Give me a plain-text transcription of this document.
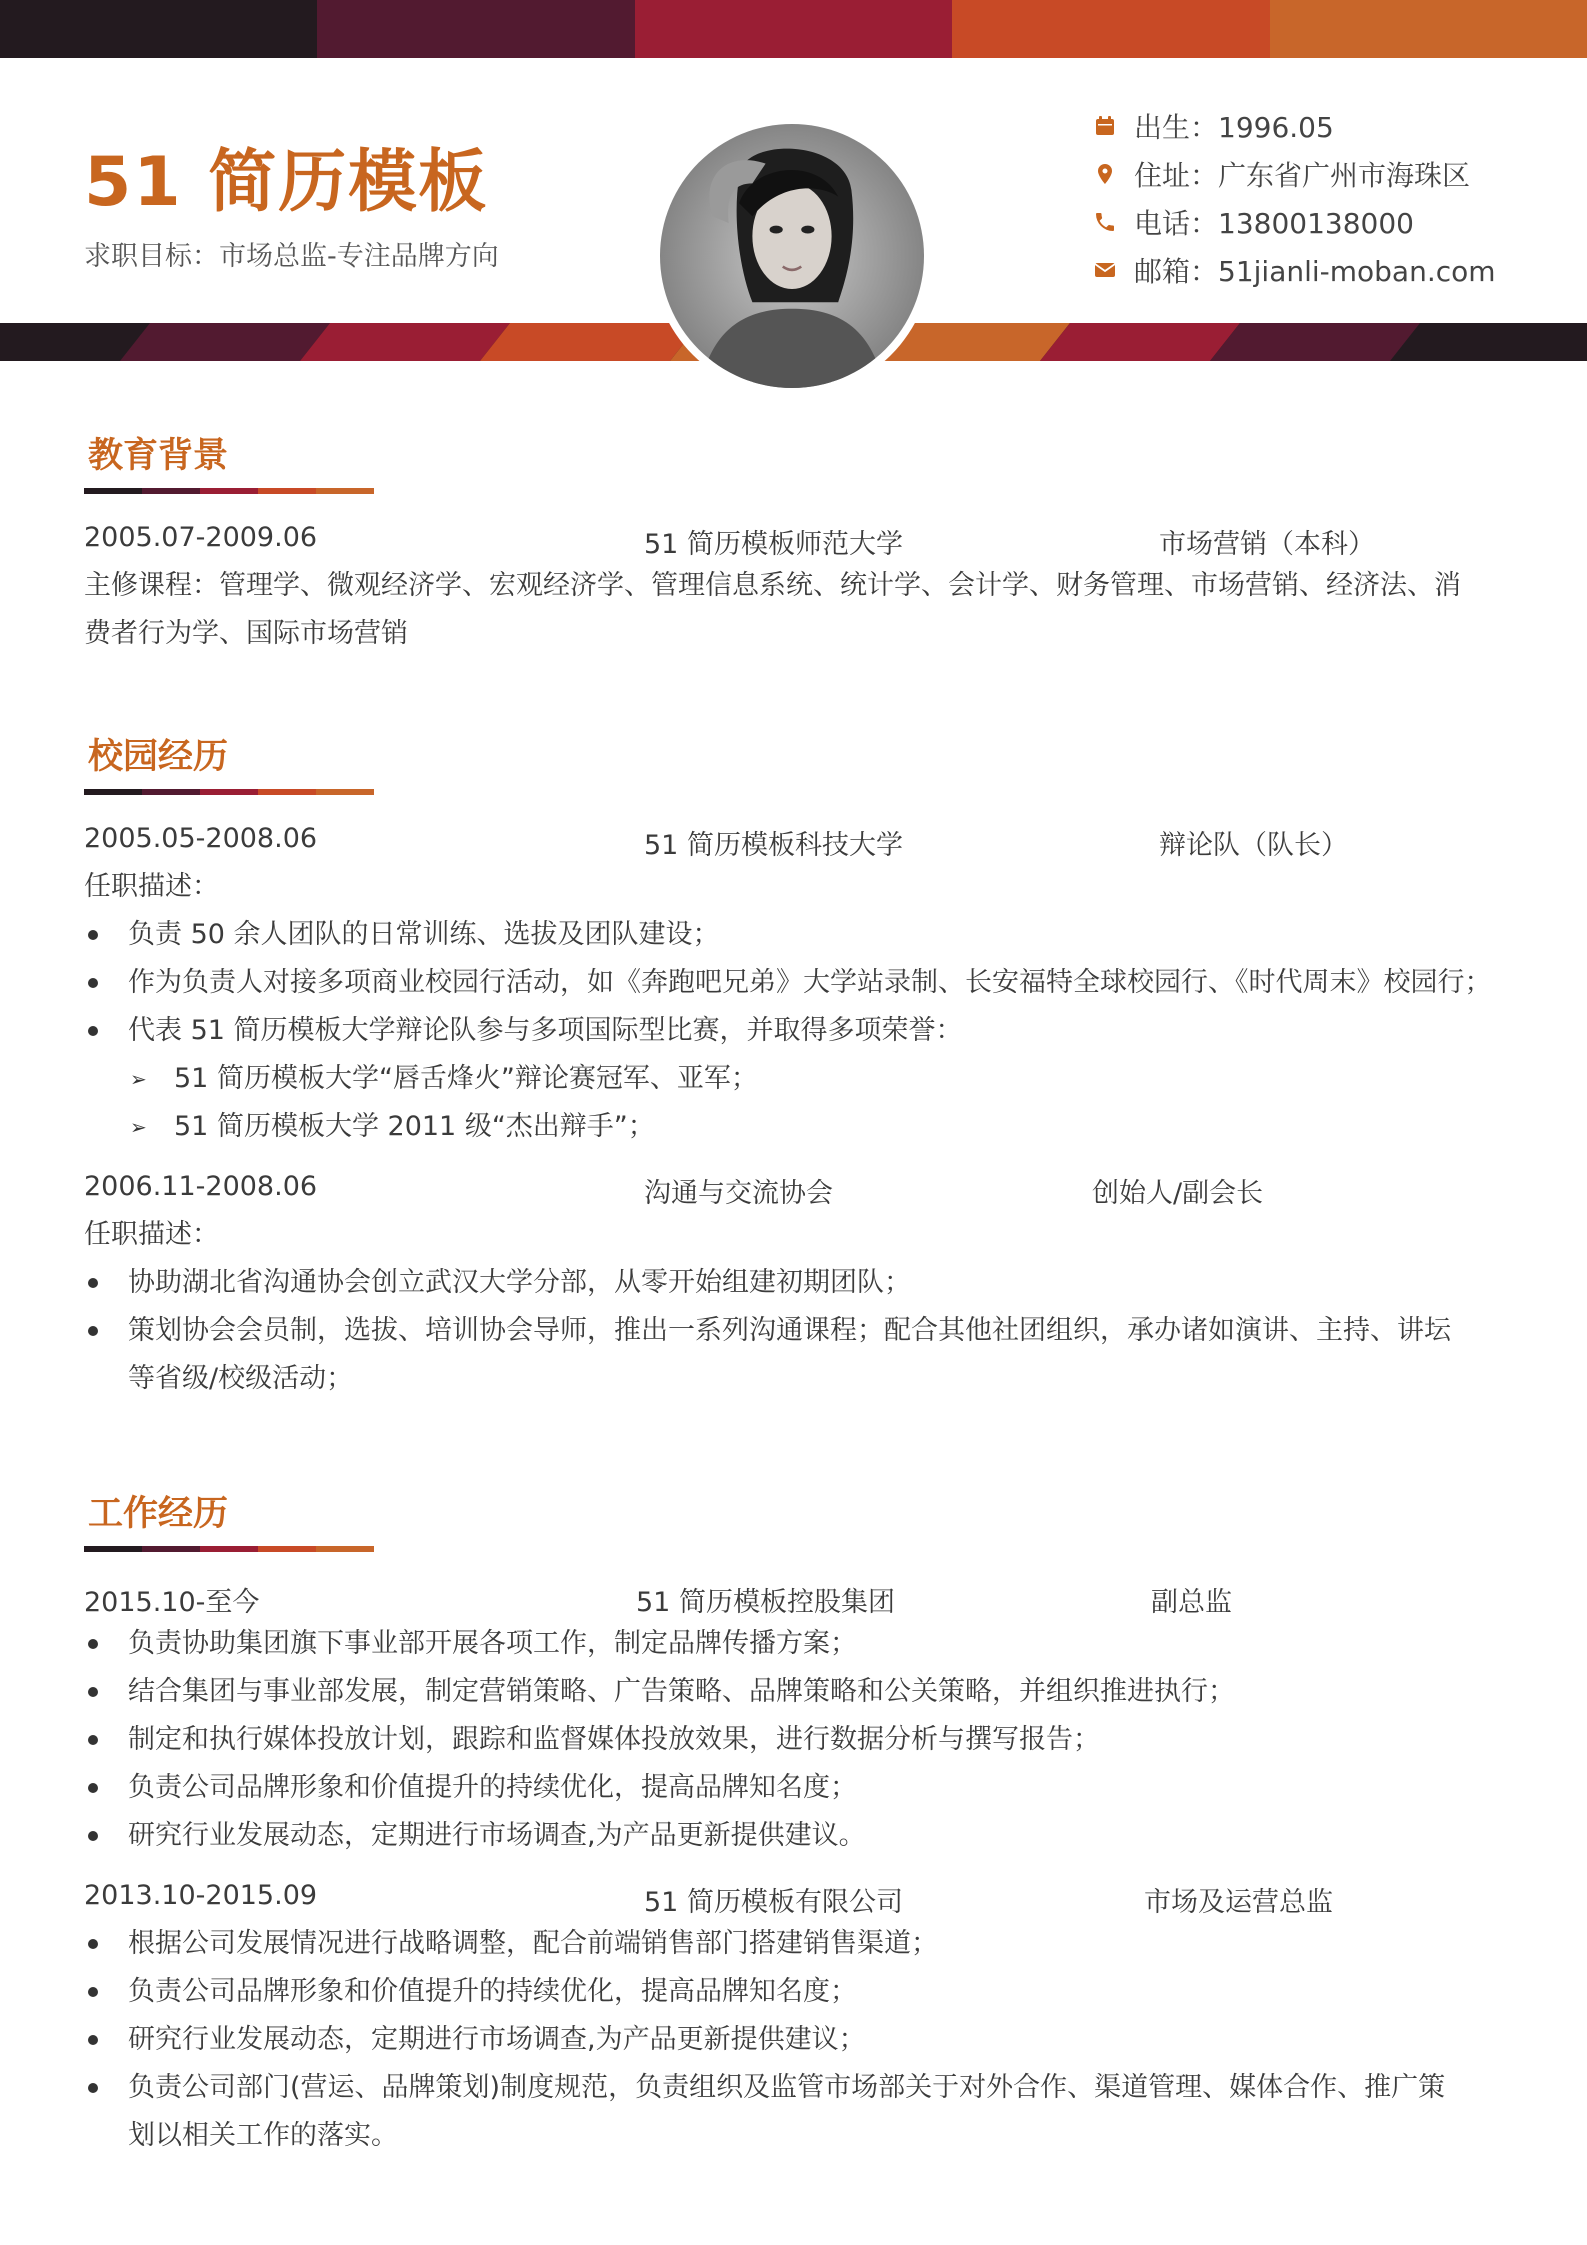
51 简历模板
求职目标：市场总监-专注品牌方向
出生：1996.05
住址：广东省广州市海珠区
电话：13800138000
邮箱：51jianli-moban.com
教育背景
2005.07-2009.06	51 简历模板师范大学	市场营销（本科）
主修课程：管理学、微观经济学、宏观经济学、管理信息系统、统计学、会计学、财务管理、市场营销、经济法、消
费者行为学、国际市场营销
校园经历
2005.05-2008.06	51 简历模板科技大学	辩论队（队长）
任职描述：
负责 50 余人团队的日常训练、选拔及团队建设；
作为负责人对接多项商业校园行活动，如《奔跑吧兄弟》大学站录制、长安福特全球校园行、《时代周末》校园行；
代表 51 简历模板大学辩论队参与多项国际型比赛，并取得多项荣誉：
➢ 51 简历模板大学“唇舌烽火”辩论赛冠军、亚军；
➢ 51 简历模板大学 2011 级“杰出辩手”；
2006.11-2008.06	沟通与交流协会	创始人/副会长
任职描述：
协助湖北省沟通协会创立武汉大学分部，从零开始组建初期团队；
策划协会会员制，选拔、培训协会导师，推出一系列沟通课程；配合其他社团组织，承办诸如演讲、主持、讲坛
等省级/校级活动；
工作经历
2015.10-至今	51 简历模板控股集团	副总监
负责协助集团旗下事业部开展各项工作，制定品牌传播方案；
结合集团与事业部发展，制定营销策略、广告策略、品牌策略和公关策略，并组织推进执行；
制定和执行媒体投放计划，跟踪和监督媒体投放效果，进行数据分析与撰写报告；
负责公司品牌形象和价值提升的持续优化，提高品牌知名度；
研究行业发展动态，定期进行市场调查,为产品更新提供建议。
2013.10-2015.09	51 简历模板有限公司	市场及运营总监
根据公司发展情况进行战略调整，配合前端销售部门搭建销售渠道；
负责公司品牌形象和价值提升的持续优化，提高品牌知名度；
研究行业发展动态，定期进行市场调查,为产品更新提供建议；
负责公司部门(营运、品牌策划)制度规范，负责组织及监管市场部关于对外合作、渠道管理、媒体合作、推广策
划以相关工作的落实。
